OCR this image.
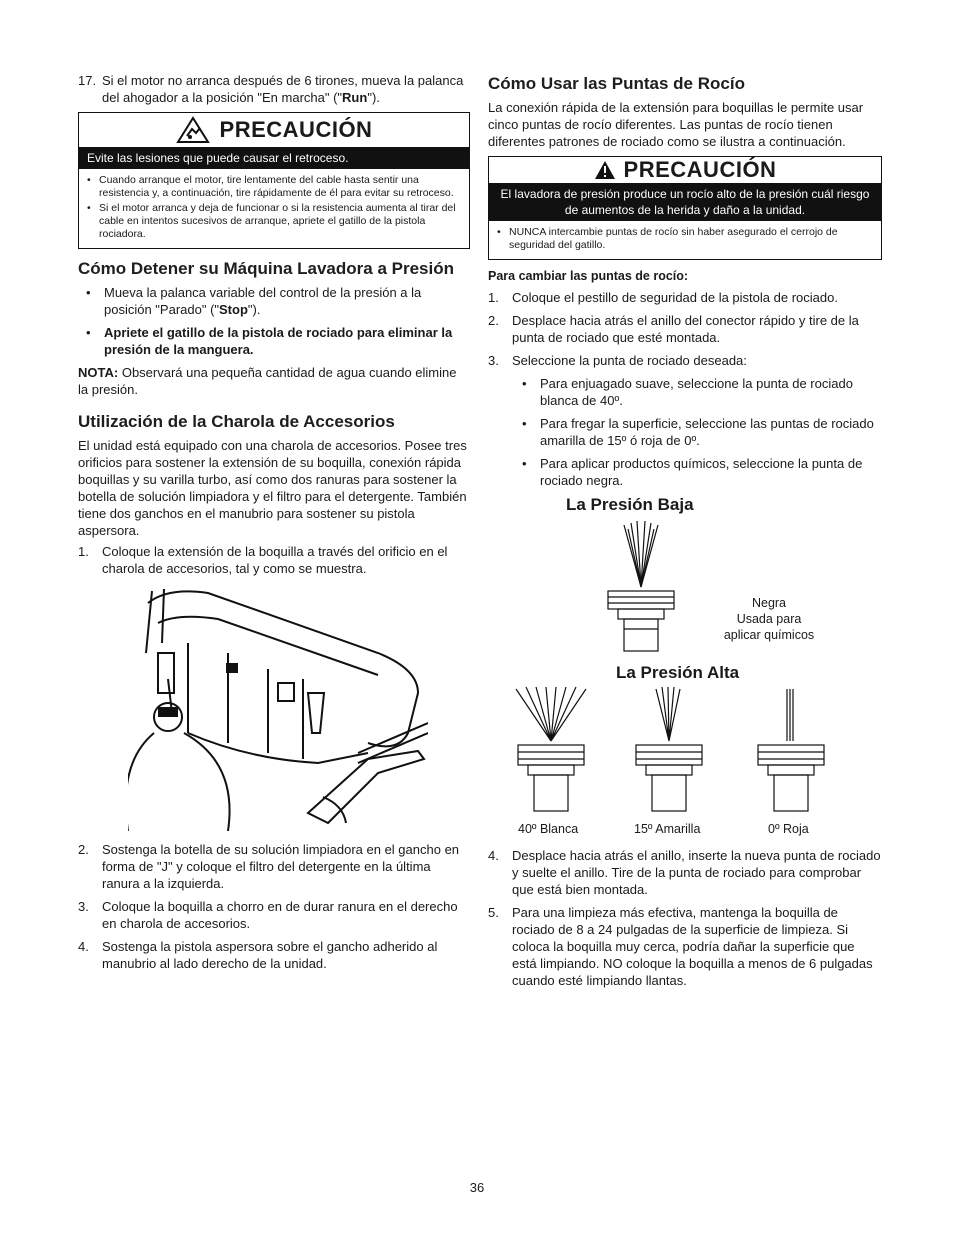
17. Si el motor no arranca después de 6 tirones, mueva la palanca del ahogador a la posición "En marcha" ("Run").
PRECAUCIÓN
Evite las lesiones que puede causar el retroceso.
• Cuando arranque el motor, tire lentamente del cable hasta sentir una resistencia y, a continuación, tire rápidamente de él para evitar su retroceso.
• Si el motor arranca y deja de funcionar o si la resistencia aumenta al tirar del cable en intentos sucesivos de arranque, apriete el gatillo de la pistola rociadora.
Cómo Detener su Máquina Lavadora a Presión
•	Mueva la palanca variable del control de la presión a la posición "Parado" ("Stop").
•	Apriete el gatillo de la pistola de rociado para eliminar la presión de la manguera.

NOTA: Observará una pequeña cantidad de agua cuando elimine la presión.

Utilización de la Charola de Accesorios

El unidad está equipado con una charola de accesorios. Posee tres orificios para sostener la extensión de su boquilla, conexión rápida boquillas y su varilla turbo, así como dos ranuras para sostener la botella de solución limpiadora y el filtro para el detergente. También tiene dos ganchos en el manubrio para sostener su pistola aspersora.

1.	Coloque la extensión de la boquilla a través del orificio en el charola de accesorios, tal y como se muestra.
2.	Sostenga la botella de su solución limpiadora en el gancho en forma de "J" y coloque el filtro del detergente en la última ranura a la izquierda.
3.	Coloque la boquilla a chorro en de durar ranura en el derecho en charola de accesorios.
4.	Sostenga la pistola aspersora sobre el gancho adherido al manubrio al lado derecho de la unidad.
Cómo Usar las Puntas de Rocío

La conexión rápida de la extensión para boquillas le permite usar cinco puntas de rocío diferentes. Las puntas de rocío tienen diferentes patrones de rociado como se ilustra a continuación.

PRECAUCIÓN
El lavadora de presión produce un rocío alto de la presión cuál riesgo de aumentos de la herida y daño a la unidad.
• NUNCA intercambie puntas de rocío sin haber asegurado el cerrojo de seguridad del gatillo.
Para cambiar las puntas de rocío:
1.	Coloque el pestillo de seguridad de la pistola de rociado.
2.	Desplace hacia atrás el anillo del conector rápido y tire de la punta de rociado que esté montada.
3.	Seleccione la punta de rociado deseada:
•	Para enjuagado suave, seleccione la punta de rociado blanca de 40º.
•	Para fregar la superficie, seleccione las puntas de rociado amarilla de 15º ó roja de 0º.
•	Para aplicar productos químicos, seleccione la punta de rociado negra.
La Presión Baja
Negra
Usada para
aplicar químicos
La Presión Alta
40º Blanca	15º Amarilla	0º Roja
4.	Desplace hacia atrás el anillo, inserte la nueva punta de rociado y suelte el anillo. Tire de la punta de rociado para comprobar que está bien montada.
5.	Para una limpieza más efectiva, mantenga la boquilla de rociado de 8 a 24 pulgadas de la superficie de limpieza. Si coloca la boquilla muy cerca, podría dañar la superficie que está limpiando. NO coloque la boquilla a menos de 6 pulgadas cuando esté limpiando llantas.
36
